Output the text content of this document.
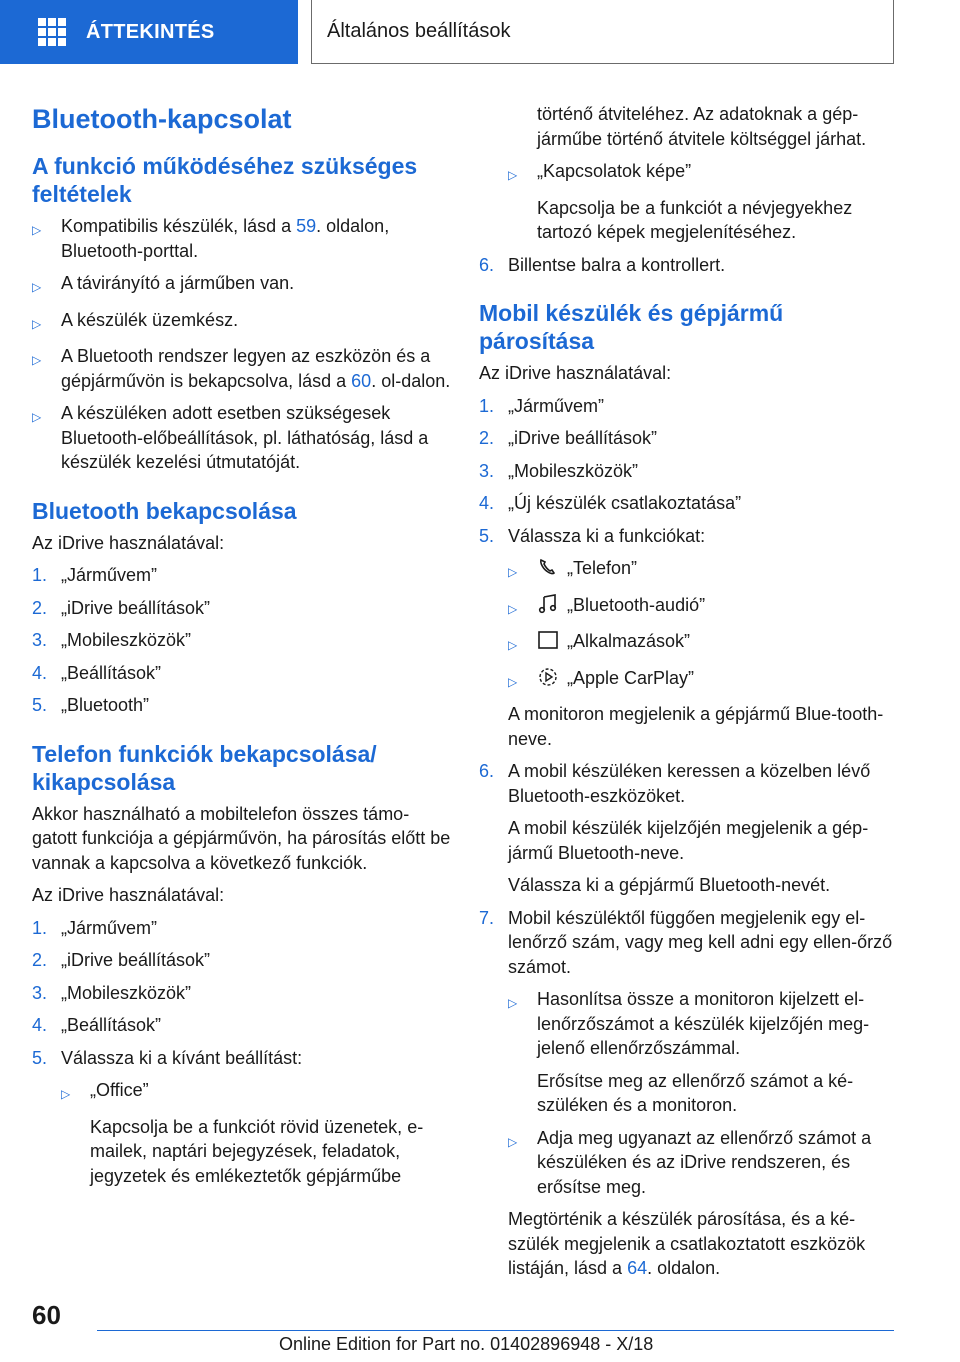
ÁTTEKINTÉS	Általános beállítások
Bluetooth-kapcsolat
A funkció működéséhez szükséges feltételek
▷	Kompatibilis készülék, lásd a 59. oldalon, Bluetooth-porttal.
▷	A távirányító a járműben van.
▷	A készülék üzemkész.
▷	A Bluetooth rendszer legyen az eszközön és a gépjárművön is bekapcsolva, lásd a 60. ol-dalon.
▷	A készüléken adott esetben szükségesek Bluetooth-előbeállítások, pl. láthatóság, lásd a készülék kezelési útmutatóját.
Bluetooth bekapcsolása
Az iDrive használatával:
1. „Járművem”
2. „iDrive beállítások”
3. „Mobileszközök”
4. „Beállítások”
5. „Bluetooth”
Telefon funkciók bekapcsolása/ kikapcsolása

Akkor használható a mobiltelefon összes támo-gatott funkciója a gépjárművön, ha párosítás előtt be vannak a kapcsolva a következő funkciók.

Az iDrive használatával:
1. „Járművem”
2. „iDrive beállítások”
3. „Mobileszközök”
4. „Beállítások”
5. Válassza ki a kívánt beállítást:
▷	„Office”
Kapcsolja be a funkciót rövid üzenetek, e-mailek, naptári bejegyzések, feladatok, jegyzetek és emlékeztetők gépjárműbe
történő átviteléhez. Az adatoknak a gép-járműbe történő átvitele költséggel járhat.
▷	„Kapcsolatok képe”
Kapcsolja be a funkciót a névjegyekhez tartozó képek megjelenítéséhez.
6. Billentse balra a kontrollert.
Mobil készülék és gépjármű párosítása
Az iDrive használatával:
1. „Járművem”
2. „iDrive beállítások”
3. „Mobileszközök”
4. „Új készülék csatlakoztatása”
5. Válassza ki a funkciókat:
▷	„Telefon”
▷	„Bluetooth-audió”
▷	„Alkalmazások”
▷	„Apple CarPlay”
A monitoron megjelenik a gépjármű Blue-tooth-neve.
6. A mobil készüléken keressen a közelben lévő Bluetooth-eszközöket.
A mobil készülék kijelzőjén megjelenik a gép-jármű Bluetooth-neve.
Válassza ki a gépjármű Bluetooth-nevét.
7. Mobil készüléktől függően megjelenik egy el-lenőrző szám, vagy meg kell adni egy ellen-őrző számot.
▷	Hasonlítsa össze a monitoron kijelzett el-lenőrzőszámot a készülék kijelzőjén meg-jelenő ellenőrzőszámmal.
Erősítse meg az ellenőrző számot a ké-szüléken és a monitoron.
▷	Adja meg ugyanazt az ellenőrző számot a készüléken és az iDrive rendszeren, és erősítse meg.
Megtörténik a készülék párosítása, és a ké-szülék megjelenik a csatlakoztatott eszközök listáján, lásd a 64. oldalon.
60
Online Edition for Part no. 01402896948 - X/18
